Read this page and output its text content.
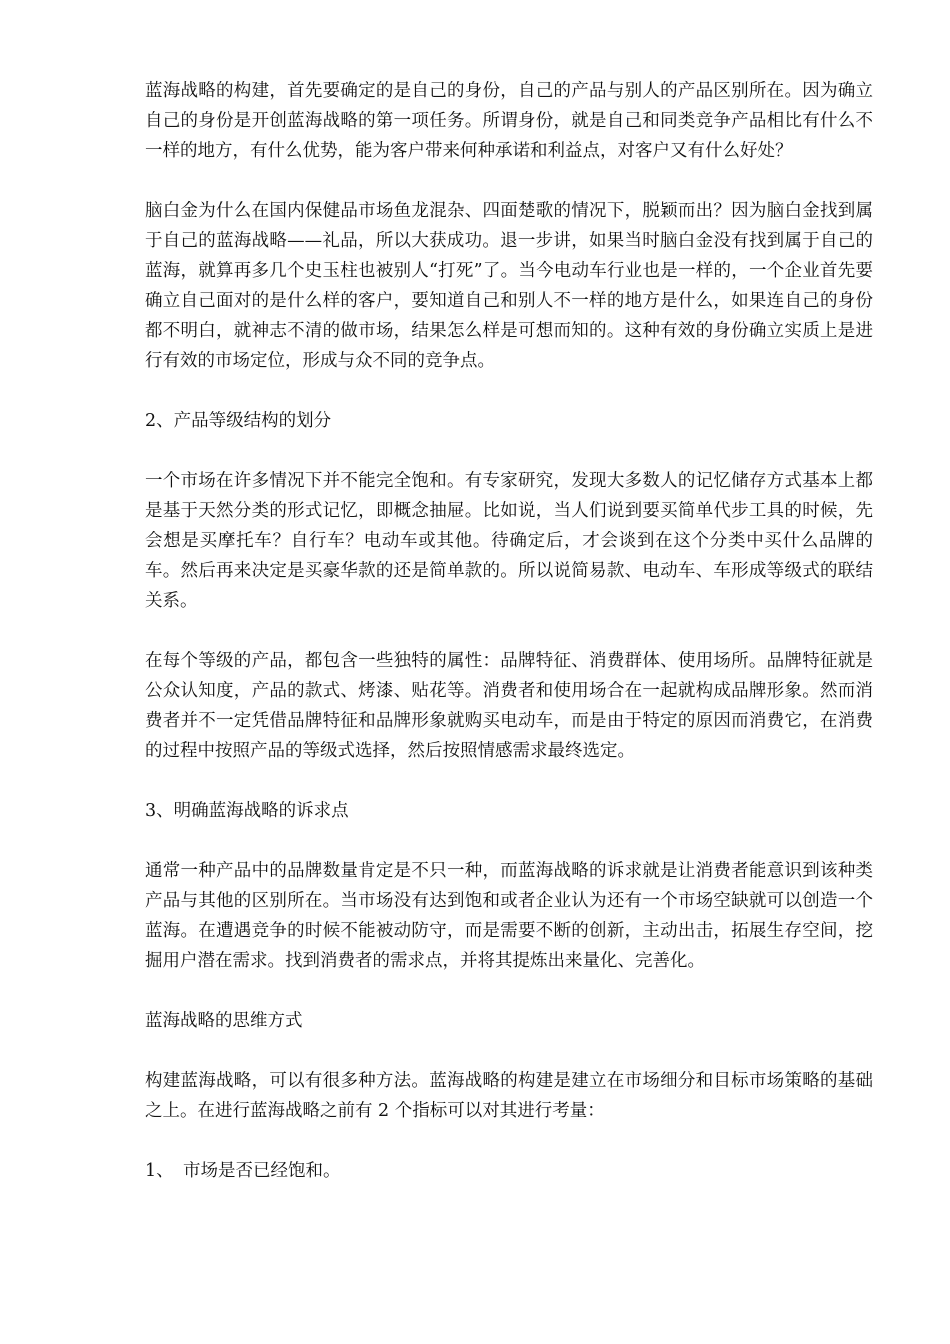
蓝海战略的构建，首先要确定的是自己的身份，自己的产品与别人的产品区别所在。因为确立自己的身份是开创蓝海战略的第一项任务。所谓身份，就是自己和同类竞争产品相比有什么不一样的地方，有什么优势，能为客户带来何种承诺和利益点，对客户又有什么好处？

脑白金为什么在国内保健品市场鱼龙混杂、四面楚歌的情况下，脱颖而出？因为脑白金找到属于自己的蓝海战略——礼品，所以大获成功。退一步讲，如果当时脑白金没有找到属于自己的蓝海，就算再多几个史玉柱也被别人“打死”了。当今电动车行业也是一样的，一个企业首先要确立自己面对的是什么样的客户，要知道自己和别人不一样的地方是什么，如果连自己的身份都不明白，就神志不清的做市场，结果怎么样是可想而知的。这种有效的身份确立实质上是进行有效的市场定位，形成与众不同的竞争点。

2、产品等级结构的划分

一个市场在许多情况下并不能完全饱和。有专家研究，发现大多数人的记忆储存方式基本上都是基于天然分类的形式记忆，即概念抽屉。比如说，当人们说到要买简单代步工具的时候，先会想是买摩托车？自行车？电动车或其他。待确定后，才会谈到在这个分类中买什么品牌的车。然后再来决定是买豪华款的还是简单款的。所以说简易款、电动车、车形成等级式的联结关系。

在每个等级的产品，都包含一些独特的属性：品牌特征、消费群体、使用场所。品牌特征就是公众认知度，产品的款式、烤漆、贴花等。消费者和使用场合在一起就构成品牌形象。然而消费者并不一定凭借品牌特征和品牌形象就购买电动车，而是由于特定的原因而消费它，在消费的过程中按照产品的等级式选择，然后按照情感需求最终选定。

3、明确蓝海战略的诉求点

通常一种产品中的品牌数量肯定是不只一种，而蓝海战略的诉求就是让消费者能意识到该种类产品与其他的区别所在。当市场没有达到饱和或者企业认为还有一个市场空缺就可以创造一个蓝海。在遭遇竞争的时候不能被动防守，而是需要不断的创新，主动出击，拓展生存空间，挖掘用户潜在需求。找到消费者的需求点，并将其提炼出来量化、完善化。

蓝海战略的思维方式

构建蓝海战略，可以有很多种方法。蓝海战略的构建是建立在市场细分和目标市场策略的基础之上。在进行蓝海战略之前有 2 个指标可以对其进行考量：

1、 市场是否已经饱和。
